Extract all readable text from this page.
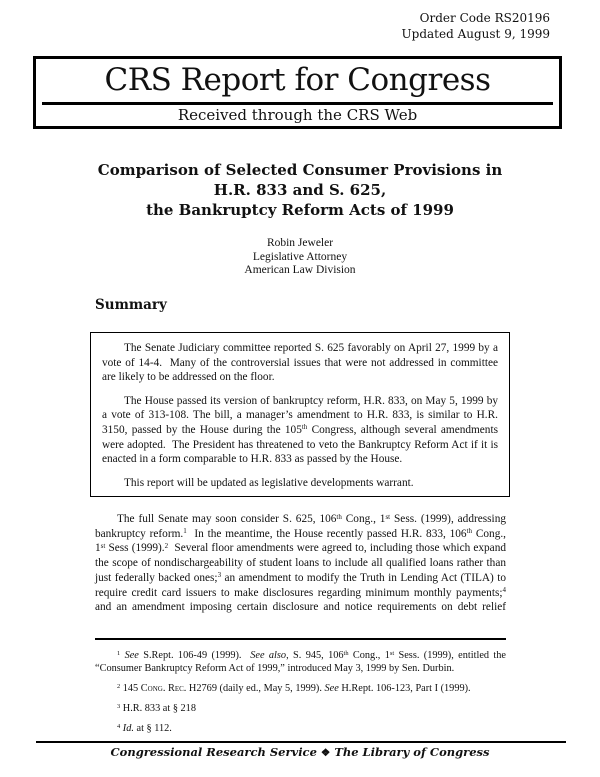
Order Code RS20196
Updated August 9, 1999
CRS Report for Congress
Received through the CRS Web
Comparison of Selected Consumer Provisions in
H.R. 833 and S. 625,
the Bankruptcy Reform Acts of 1999
Robin Jeweler
Legislative Attorney
American Law Division
Summary

The Senate Judiciary committee reported S. 625 favorably on April 27, 1999 by a vote of 14-4.  Many of the controversial issues that were not addressed in committee are likely to be addressed on the floor.

The House passed its version of bankruptcy reform, H.R. 833, on May 5, 1999 by a vote of 313-108. The bill, a manager’s amendment to H.R. 833, is similar to H.R. 3150, passed by the House during the 105th Congress, although several amendments were adopted.  The President has threatened to veto the Bankruptcy Reform Act if it is enacted in a form comparable to H.R. 833 as passed by the House.

This report will be updated as legislative developments warrant.

The full Senate may soon consider S. 625, 106th Cong., 1st Sess. (1999), addressing bankruptcy reform.$^1$  In the meantime, the House recently passed H.R. 833, 106th Cong., 1st Sess (1999).$^2$  Several floor amendments were agreed to, including those which expand the scope of nondischargeability of student loans to include all qualified loans rather than just federally backed ones;$^3$ an amendment to modify the Truth in Lending Act (TILA) to require credit card issuers to make disclosures regarding minimum monthly payments;$^4$ and an amendment imposing certain disclosure and notice requirements on debt relief

$^1$ See S.Rept. 106-49 (1999).  See also, S. 945, 106th Cong., 1st Sess. (1999), entitled the “Consumer Bankruptcy Reform Act of 1999,” introduced May 3, 1999 by Sen. Durbin.

$^2$ 145 Cong. Rec. H2769 (daily ed., May 5, 1999). See H.Rept. 106-123, Part I (1999).

$^3$ H.R. 833 at § 218

$^4$ Id. at § 112.

Congressional Research Service ❖ The Library of Congress
